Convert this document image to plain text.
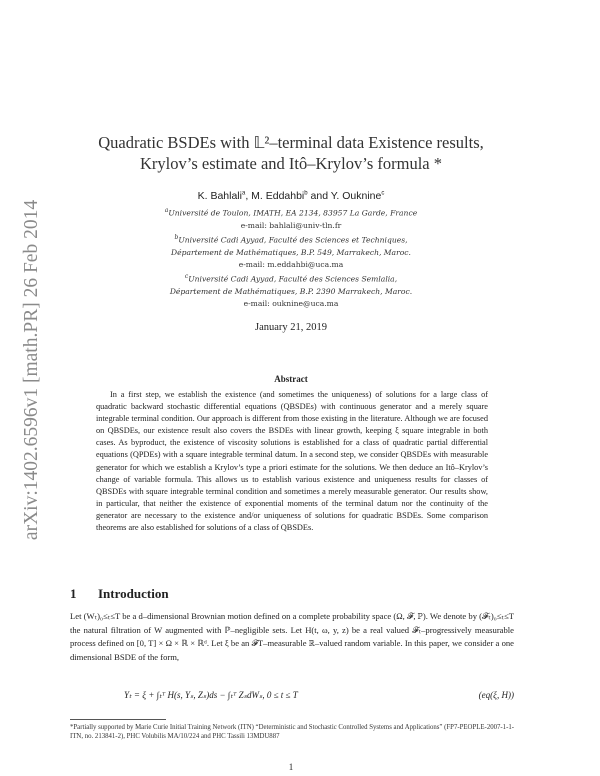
arXiv:1402.6596v1 [math.PR] 26 Feb 2014
Quadratic BSDEs with 𝕃²–terminal data Existence results,
Krylov’s estimate and Itô–Krylov’s formula *
K. Bahlali$^a$, M. Eddahbi$^b$ and Y. Ouknine$^c$
$^a$Université de Toulon, IMATH, EA 2134, 83957 La Garde, France
e-mail: bahlali@univ-tln.fr
$^b$Université Cadi Ayyad, Faculté des Sciences et Techniques,
Département de Mathématiques, B.P. 549, Marrakech, Maroc.
e-mail: m.eddahbi@uca.ma
$^c$Université Cadi Ayyad, Faculté des Sciences Semlalia,
Département de Mathématiques, B.P. 2390 Marrakech, Maroc.
e-mail: ouknine@uca.ma
January 21, 2019
Abstract
In a first step, we establish the existence (and sometimes the uniqueness) of solutions for a large class of quadratic backward stochastic differential equations (QBSDEs) with continuous generator and a merely square integrable terminal condition. Our approach is different from those existing in the literature. Although we are focused on QBSDEs, our existence result also covers the BSDEs with linear growth, keeping ξ square integrable in both cases. As byproduct, the existence of viscosity solutions is established for a class of quadratic partial differential equations (QPDEs) with a square integrable terminal datum. In a second step, we consider QBSDEs with measurable generator for which we establish a Krylov’s type a priori estimate for the solutions. We then deduce an Itô–Krylov’s change of variable formula. This allows us to establish various existence and uniqueness results for classes of QBSDEs with square integrable terminal condition and sometimes a merely measurable generator. Our results show, in particular, that neither the existence of exponential moments of the terminal datum nor the continuity of the generator are necessary to the existence and/or uniqueness of solutions for quadratic BSDEs. Some comparison theorems are also established for solutions of a class of QBSDEs.
1 Introduction
Let (Wₜ)₀≤ₜ≤T be a d–dimensional Brownian motion defined on a complete probability space (Ω, 𝓕, ℙ). We denote by (𝓕ₜ)₀≤ₜ≤T the natural filtration of W augmented with ℙ–negligible sets. Let H(t, ω, y, z) be a real valued 𝓕ₜ–progressively measurable process defined on [0, T] × Ω × ℝ × ℝᵈ. Let ξ be an 𝓕T–measurable ℝ–valued random variable. In this paper, we consider a one dimensional BSDE of the form,
Yₜ = ξ + ∫ₜᵀ H(s, Yₛ, Zₛ)ds − ∫ₜᵀ ZₛdWₛ, 0 ≤ t ≤ T	(eq(ξ, H))
*Partially supported by Marie Curie Initial Training Network (ITN) “Deterministic and Stochastic Controlled Systems and Applications” (FP7-PEOPLE-2007-1-1-ITN, no. 213841-2), PHC Volubilis MA/10/224 and PHC Tassili 13MDU887
1
